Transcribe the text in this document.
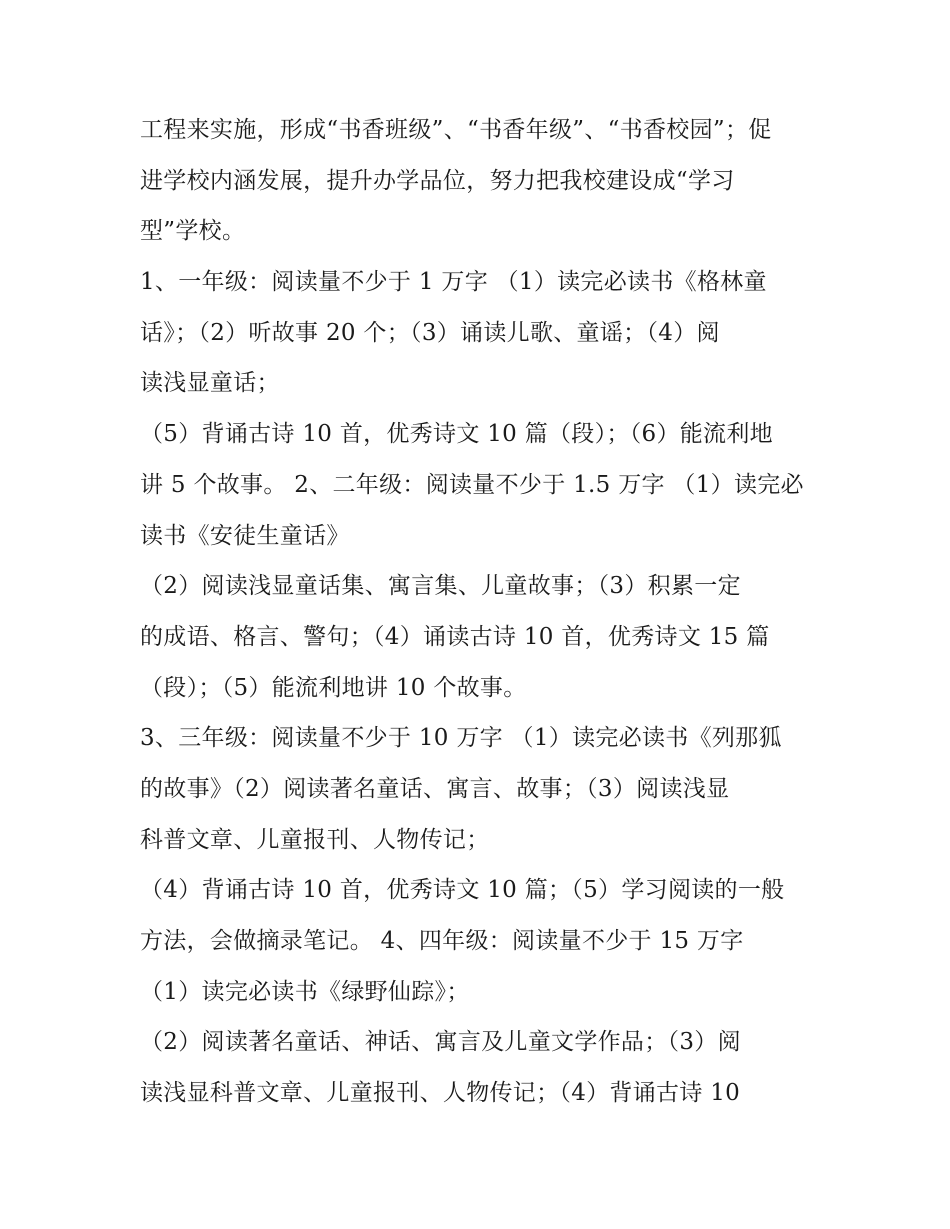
工程来实施，形成“书香班级”、“书香年级”、“书香校园”；促
进学校内涵发展，提升办学品位，努力把我校建设成“学习
型”学校。
1、一年级：阅读量不少于 1 万字 （1）读完必读书《格林童
话》；（2）听故事 20 个；（3）诵读儿歌、童谣；（4）阅
读浅显童话；
（5）背诵古诗 10 首，优秀诗文 10 篇（段）；（6）能流利地
讲 5 个故事。 2、二年级：阅读量不少于 1.5 万字 （1）读完必
读书《安徒生童话》
（2）阅读浅显童话集、寓言集、儿童故事；（3）积累一定
的成语、格言、警句；（4）诵读古诗 10 首，优秀诗文 15 篇
（段）；（5）能流利地讲 10 个故事。
3、三年级：阅读量不少于 10 万字 （1）读完必读书《列那狐
的故事》（2）阅读著名童话、寓言、故事；（3）阅读浅显
科普文章、儿童报刊、人物传记；
（4）背诵古诗 10 首，优秀诗文 10 篇；（5）学习阅读的一般
方法，会做摘录笔记。 4、四年级：阅读量不少于 15 万字
（1）读完必读书《绿野仙踪》；
（2）阅读著名童话、神话、寓言及儿童文学作品；（3）阅
读浅显科普文章、儿童报刊、人物传记；（4）背诵古诗 10
